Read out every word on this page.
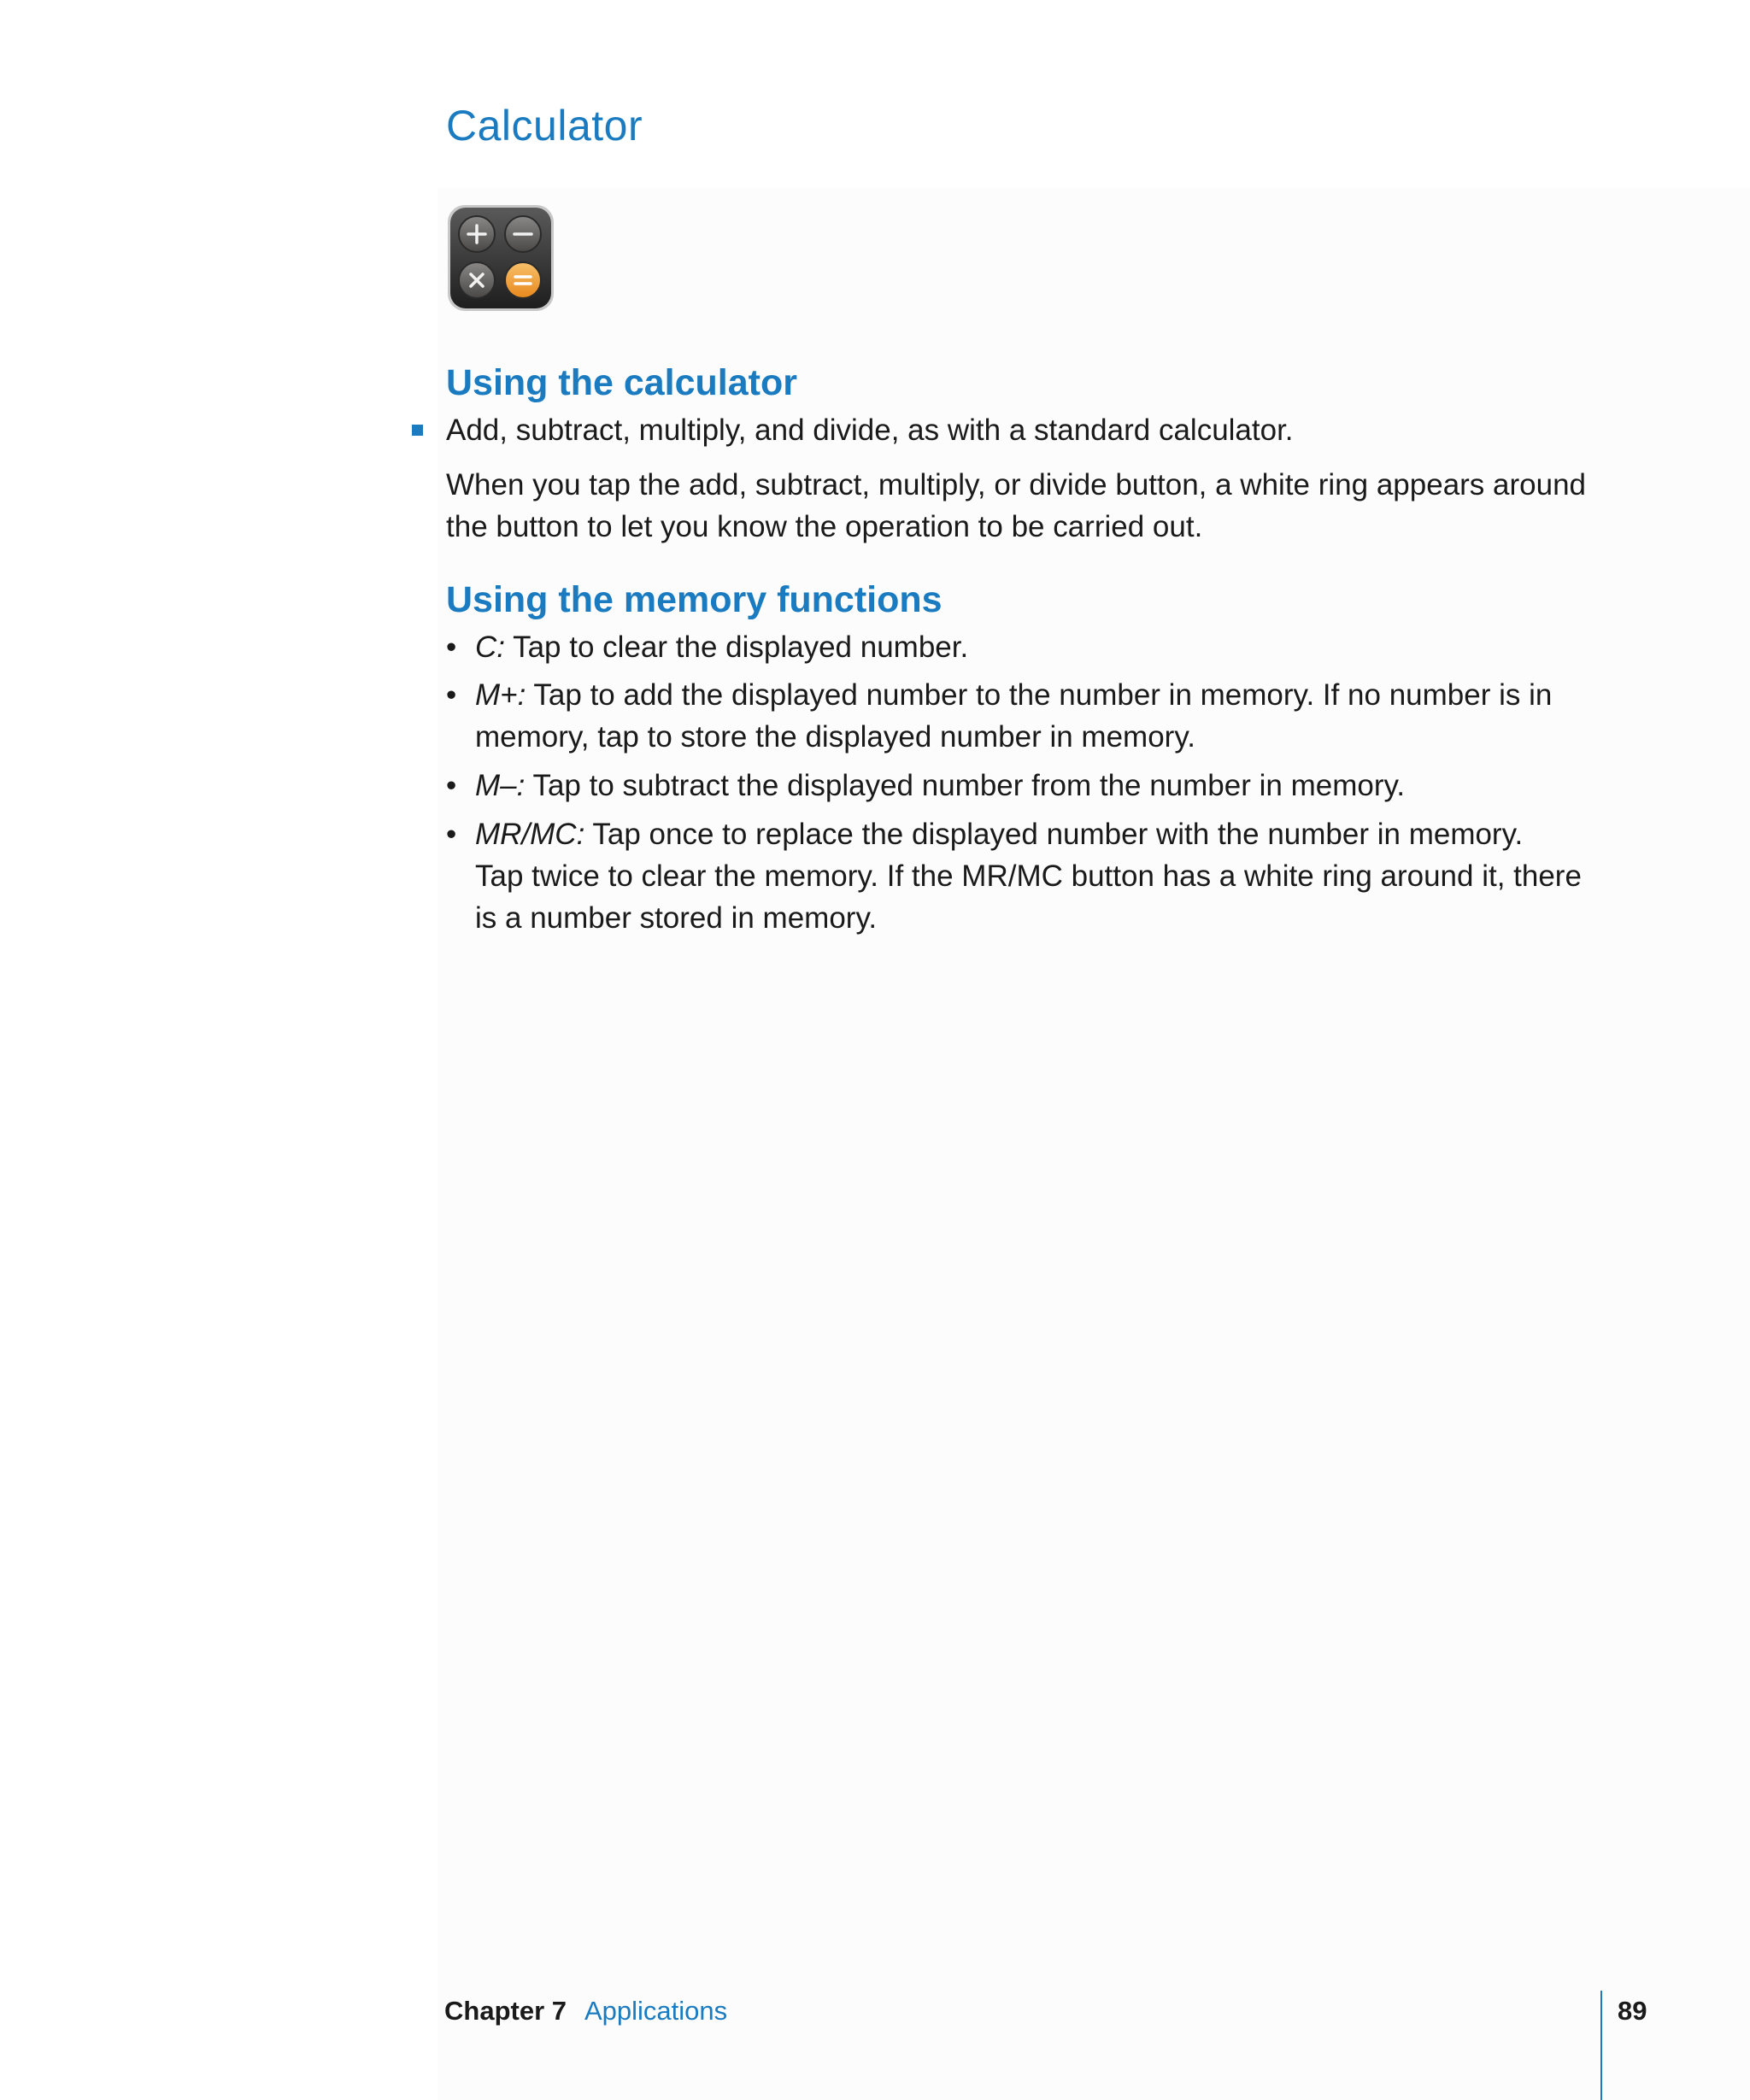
Calculator
Using the calculator
Add, subtract, multiply, and divide, as with a standard calculator.
When you tap the add, subtract, multiply, or divide button, a white ring appears around
the button to let you know the operation to be carried out.
Using the memory functions
• C: Tap to clear the displayed number.
• M+: Tap to add the displayed number to the number in memory. If no number is in
memory, tap to store the displayed number in memory.
• M–: Tap to subtract the displayed number from the number in memory.
• MR/MC: Tap once to replace the displayed number with the number in memory.
Tap twice to clear the memory. If the MR/MC button has a white ring around it, there
is a number stored in memory.
Chapter 7 Applications	89
